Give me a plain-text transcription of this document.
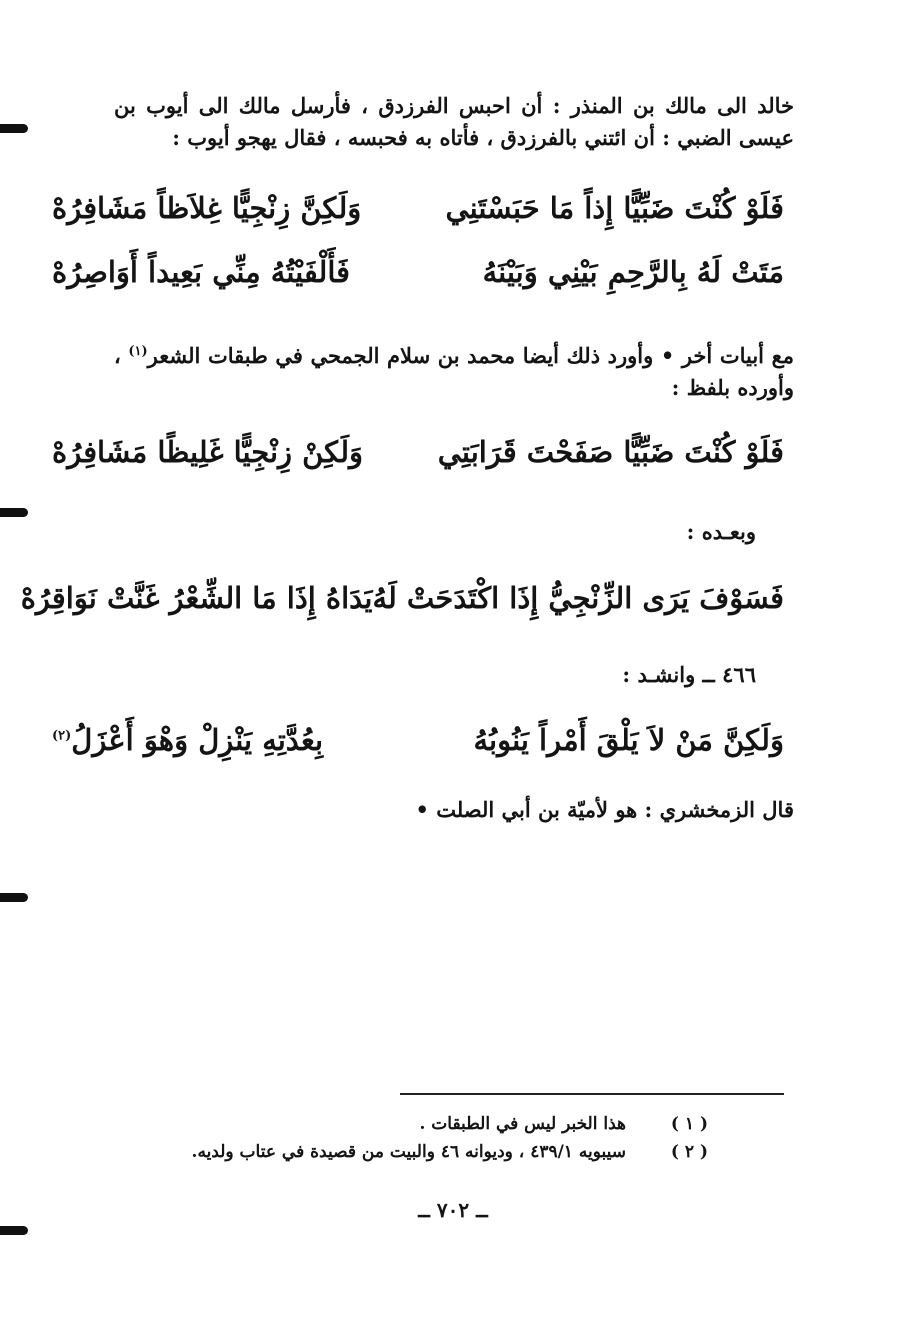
خالد الى مالك بن المنذر : أن احبس الفرزدق ، فأرسل مالك الى أيوب بن عيسى الضبي : أن ائتني بالفرزدق ، فأتاه به فحبسه ، فقال يهجو أيوب :
فَلَوْ كُنْتَ ضَبِّيًّا إِذاً مَا حَبَسْتَنِي
وَلَكِنَّ زِنْجِيًّا غِلاَظاً مَشَافِرُهْ
مَتَتْ لَهُ بِالرَّحِمِ بَيْنِي وَبَيْنَهُ
فَأَلْفَيْتُهُ مِنِّي بَعِيداً أَوَاصِرُهْ
مع أبيات أخر • وأورد ذلك أيضا محمد بن سلام الجمحي في طبقات الشعر$^{(١)}$ ، وأورده بلفظ :
فَلَوْ كُنْتَ ضَبِّيًّا صَفَحْتَ قَرَابَتِي
وَلَكِنْ زِنْجِيًّا غَلِيظًا مَشَافِرُهْ
وبعـده :
فَسَوْفَ يَرَى الزِّنْجِيُّ إِذَا اكْتَدَحَتْ لَهُ
يَدَاهُ إِذَا مَا الشِّعْرُ غَنَّتْ نَوَاقِرُهْ
٤٦٦ ــ وانشـد :
وَلَكِنَّ مَنْ لاَ يَلْقَ أَمْراً يَنُوبُهُ
بِعُدَّتِهِ يَنْزِلْ وَهْوَ أَعْزَلُ$^{(٢)}$
قال الزمخشري : هو لأميّة بن أبي الصلت •
( ١ )
هذا الخبر ليس في الطبقات .
( ٢ )
سيبويه ٤٣٩/١ ، وديوانه ٤٦ والبيت من قصيدة في عتاب ولديه.
ــ ٧٠٢ ــ
